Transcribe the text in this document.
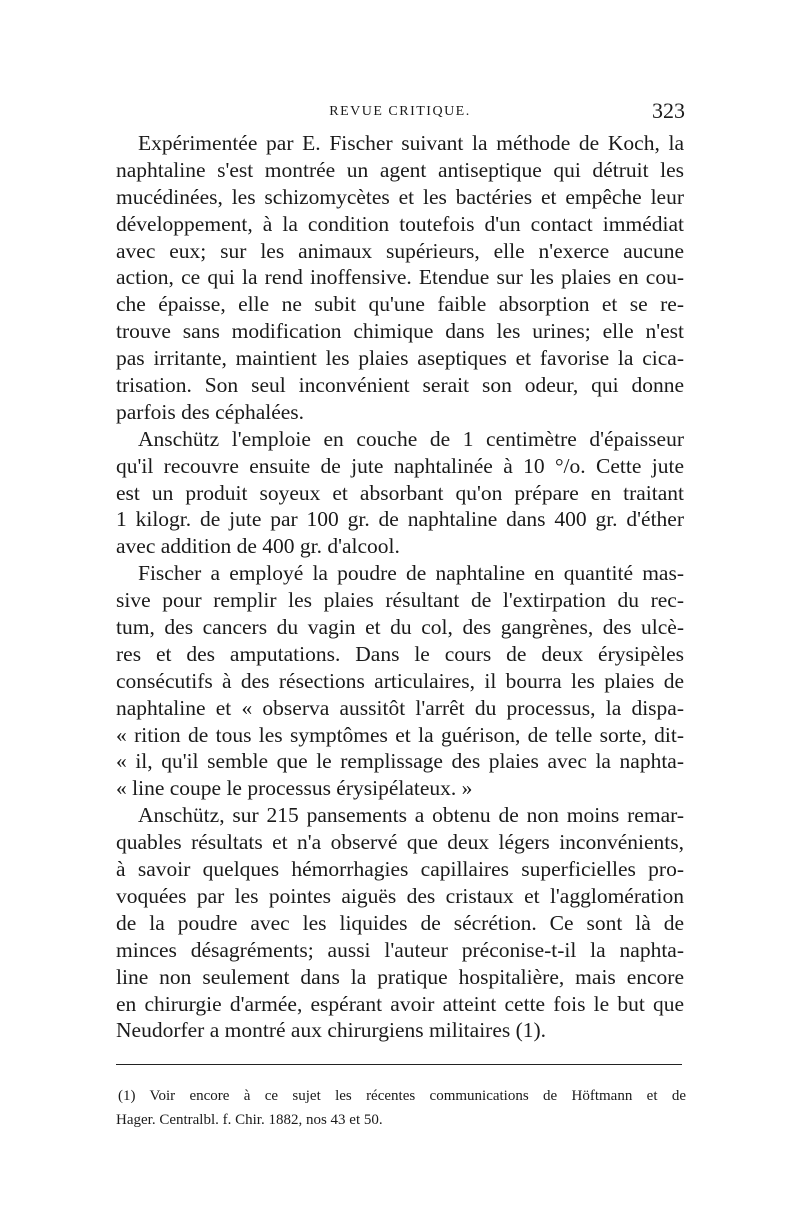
REVUE CRITIQUE.	323
Expérimentée par E. Fischer suivant la méthode de Koch, la
naphtaline s'est montrée un agent antiseptique qui détruit les
mucédinées, les schizomycètes et les bactéries et empêche leur
développement, à la condition toutefois d'un contact immédiat
avec eux; sur les animaux supérieurs, elle n'exerce aucune
action, ce qui la rend inoffensive. Etendue sur les plaies en cou-
che épaisse, elle ne subit qu'une faible absorption et se re-
trouve sans modification chimique dans les urines; elle n'est
pas irritante, maintient les plaies aseptiques et favorise la cica-
trisation. Son seul inconvénient serait son odeur, qui donne
parfois des céphalées.
Anschütz l'emploie en couche de 1 centimètre d'épaisseur
qu'il recouvre ensuite de jute naphtalinée à 10 °/o. Cette jute
est un produit soyeux et absorbant qu'on prépare en traitant
1 kilogr. de jute par 100 gr. de naphtaline dans 400 gr. d'éther
avec addition de 400 gr. d'alcool.
Fischer a employé la poudre de naphtaline en quantité mas-
sive pour remplir les plaies résultant de l'extirpation du rec-
tum, des cancers du vagin et du col, des gangrènes, des ulcè-
res et des amputations. Dans le cours de deux érysipèles
consécutifs à des résections articulaires, il bourra les plaies de
naphtaline et « observa aussitôt l'arrêt du processus, la dispa-
« rition de tous les symptômes et la guérison, de telle sorte, dit-
« il, qu'il semble que le remplissage des plaies avec la naphta-
« line coupe le processus érysipélateux. »
Anschütz, sur 215 pansements a obtenu de non moins remar-
quables résultats et n'a observé que deux légers inconvénients,
à savoir quelques hémorrhagies capillaires superficielles pro-
voquées par les pointes aiguës des cristaux et l'agglomération
de la poudre avec les liquides de sécrétion. Ce sont là de
minces désagréments; aussi l'auteur préconise-t-il la naphta-
line non seulement dans la pratique hospitalière, mais encore
en chirurgie d'armée, espérant avoir atteint cette fois le but que
Neudorfer a montré aux chirurgiens militaires (1).
(1) Voir encore à ce sujet les récentes communications de Höftmann et de
Hager. Centralbl. f. Chir. 1882, nos 43 et 50.
